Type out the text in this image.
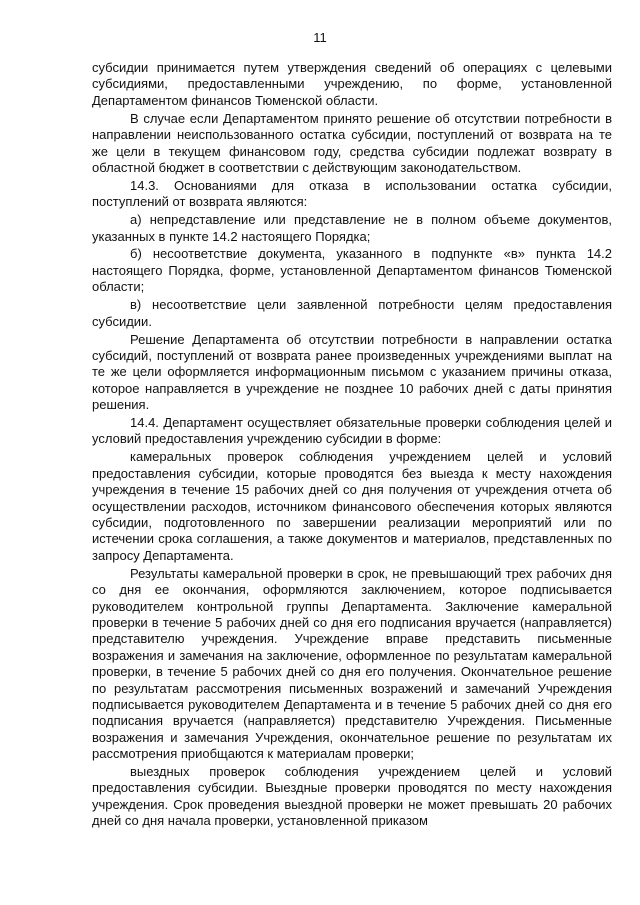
11

субсидии принимается путем утверждения сведений об операциях с целевыми субсидиями, предоставленными учреждению, по форме, установленной Департаментом финансов Тюменской области.

В случае если Департаментом принято решение об отсутствии потребности в направлении неиспользованного остатка субсидии, поступлений от возврата на те же цели в текущем финансовом году, средства субсидии подлежат возврату в областной бюджет в соответствии с действующим законодательством.

14.3. Основаниями для отказа в использовании остатка субсидии, поступлений от возврата являются:

а) непредставление или представление не в полном объеме документов, указанных в пункте 14.2 настоящего Порядка;

б) несоответствие документа, указанного в подпункте «в» пункта 14.2 настоящего Порядка, форме, установленной Департаментом финансов Тюменской области;

в) несоответствие цели заявленной потребности целям предоставления субсидии.

Решение Департамента об отсутствии потребности в направлении остатка субсидий, поступлений от возврата ранее произведенных учреждениями выплат на те же цели оформляется информационным письмом с указанием причины отказа, которое направляется в учреждение не позднее 10 рабочих дней с даты принятия решения.

14.4. Департамент осуществляет обязательные проверки соблюдения целей и условий предоставления учреждению субсидии в форме:

камеральных проверок соблюдения учреждением целей и условий предоставления субсидии, которые проводятся без выезда к месту нахождения учреждения в течение 15 рабочих дней со дня получения от учреждения отчета об осуществлении расходов, источником финансового обеспечения которых являются субсидии, подготовленного по завершении реализации мероприятий или по истечении срока соглашения, а также документов и материалов, представленных по запросу Департамента.

Результаты камеральной проверки в срок, не превышающий трех рабочих дня со дня ее окончания, оформляются заключением, которое подписывается руководителем контрольной группы Департамента. Заключение камеральной проверки в течение 5 рабочих дней со дня его подписания вручается (направляется) представителю учреждения. Учреждение вправе представить письменные возражения и замечания на заключение, оформленное по результатам камеральной проверки, в течение 5 рабочих дней со дня его получения. Окончательное решение по результатам рассмотрения письменных возражений и замечаний Учреждения подписывается руководителем Департамента и в течение 5 рабочих дней со дня его подписания вручается (направляется) представителю Учреждения. Письменные возражения и замечания Учреждения, окончательное решение по результатам их рассмотрения приобщаются к материалам проверки;

выездных проверок соблюдения учреждением целей и условий предоставления субсидии. Выездные проверки проводятся по месту нахождения учреждения. Срок проведения выездной проверки не может превышать 20 рабочих дней со дня начала проверки, установленной приказом
